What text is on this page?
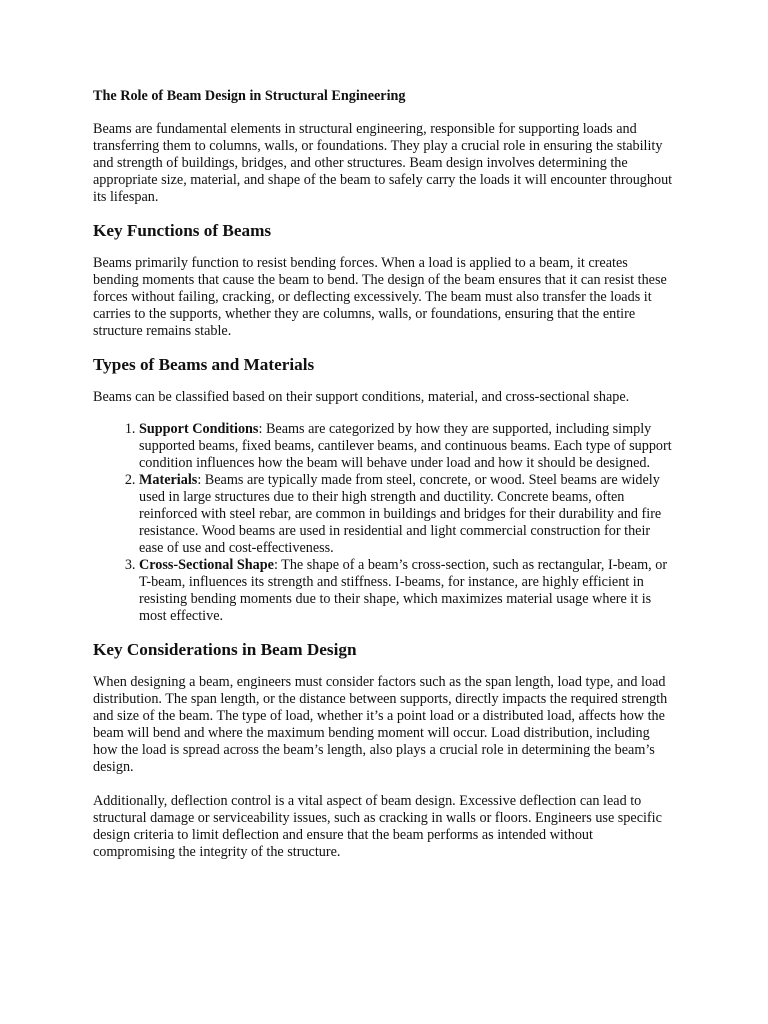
The Role of Beam Design in Structural Engineering

Beams are fundamental elements in structural engineering, responsible for supporting loads and transferring them to columns, walls, or foundations. They play a crucial role in ensuring the stability and strength of buildings, bridges, and other structures. Beam design involves determining the appropriate size, material, and shape of the beam to safely carry the loads it will encounter throughout its lifespan.

Key Functions of Beams

Beams primarily function to resist bending forces. When a load is applied to a beam, it creates bending moments that cause the beam to bend. The design of the beam ensures that it can resist these forces without failing, cracking, or deflecting excessively. The beam must also transfer the loads it carries to the supports, whether they are columns, walls, or foundations, ensuring that the entire structure remains stable.

Types of Beams and Materials

Beams can be classified based on their support conditions, material, and cross-sectional shape.

1. Support Conditions: Beams are categorized by how they are supported, including simply supported beams, fixed beams, cantilever beams, and continuous beams. Each type of support condition influences how the beam will behave under load and how it should be designed.
2. Materials: Beams are typically made from steel, concrete, or wood. Steel beams are widely used in large structures due to their high strength and ductility. Concrete beams, often reinforced with steel rebar, are common in buildings and bridges for their durability and fire resistance. Wood beams are used in residential and light commercial construction for their ease of use and cost-effectiveness.
3. Cross-Sectional Shape: The shape of a beam’s cross-section, such as rectangular, I-beam, or T-beam, influences its strength and stiffness. I-beams, for instance, are highly efficient in resisting bending moments due to their shape, which maximizes material usage where it is most effective.
Key Considerations in Beam Design

When designing a beam, engineers must consider factors such as the span length, load type, and load distribution. The span length, or the distance between supports, directly impacts the required strength and size of the beam. The type of load, whether it’s a point load or a distributed load, affects how the beam will bend and where the maximum bending moment will occur. Load distribution, including how the load is spread across the beam’s length, also plays a crucial role in determining the beam’s design.

Additionally, deflection control is a vital aspect of beam design. Excessive deflection can lead to structural damage or serviceability issues, such as cracking in walls or floors. Engineers use specific design criteria to limit deflection and ensure that the beam performs as intended without compromising the integrity of the structure.
